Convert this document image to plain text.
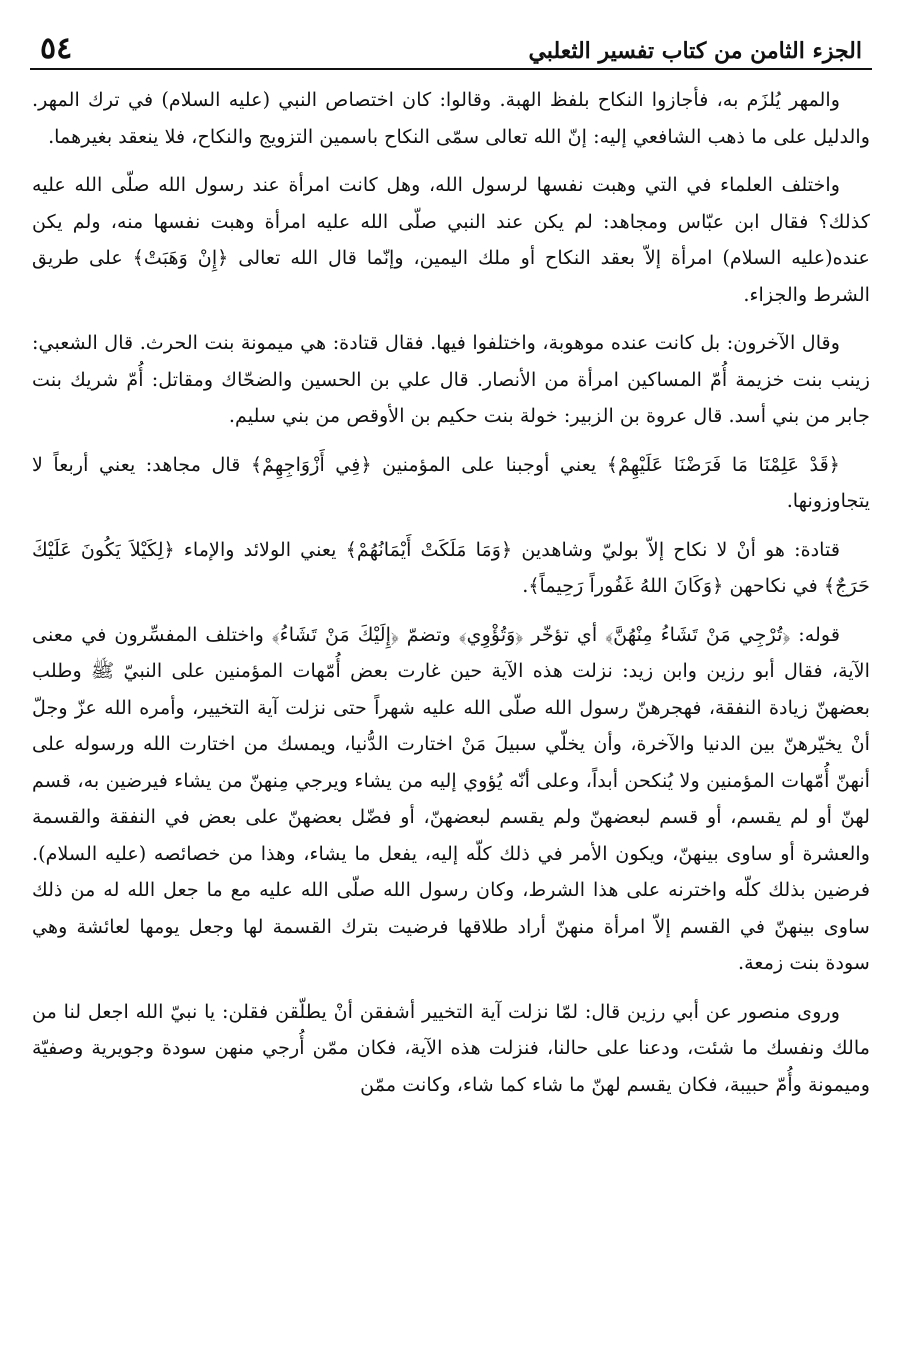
الجزء الثامن من كتاب تفسير الثعلبي
٥٤

والمهر يُلزَم به، فأجازوا النكاح بلفظ الهبة. وقالوا: كان اختصاص النبي (عليه السلام) في ترك المهر. والدليل على ما ذهب الشافعي إليه: إنّ الله تعالى سمّى النكاح باسمين التزويج والنكاح، فلا ينعقد بغيرهما.

واختلف العلماء في التي وهبت نفسها لرسول الله، وهل كانت امرأة عند رسول الله صلّى الله عليه كذلك؟ فقال ابن عبّاس ومجاهد: لم يكن عند النبي صلّى الله عليه امرأة وهبت نفسها منه، ولم يكن عنده(عليه السلام) امرأة إلاّ بعقد النكاح أو ملك اليمين، وإنّما قال الله تعالى ﴿إِنْ وَهَبَتْ﴾ على طريق الشرط والجزاء.

وقال الآخرون: بل كانت عنده موهوبة، واختلفوا فيها. فقال قتادة: هي ميمونة بنت الحرث. قال الشعبي: زينب بنت خزيمة أُمّ المساكين امرأة من الأنصار. قال علي بن الحسين والضحّاك ومقاتل: أُمّ شريك بنت جابر من بني أسد. قال عروة بن الزبير: خولة بنت حكيم بن الأوقص من بني سليم.

﴿قَدْ عَلِمْنَا مَا فَرَضْنَا عَلَيْهِمْ﴾ يعني أوجبنا على المؤمنين ﴿فِي أَزْوَاجِهِمْ﴾ قال مجاهد: يعني أربعاً لا يتجاوزونها.

قتادة: هو أنْ لا نكاح إلاّ بوليّ وشاهدين ﴿وَمَا مَلَكَتْ أَيْمَانُهُمْ﴾ يعني الولائد والإماء ﴿لِكَيْلاَ يَكُونَ عَلَيْكَ حَرَجٌ﴾ في نكاحهن ﴿وَكَانَ اللهُ غَفُوراً رَحِيماً﴾.

قوله: ﴿تُرْجِي مَنْ تَشَاءُ مِنْهُنَّ﴾ أي تؤخّر ﴿وَتُؤْوِي﴾ وتضمّ ﴿إِلَيْكَ مَنْ تَشَاءُ﴾ واختلف المفسِّرون في معنى الآية، فقال أبو رزين وابن زيد: نزلت هذه الآية حين غارت بعض أُمّهات المؤمنين على النبيّ ﷺ وطلب بعضهنّ زيادة النفقة، فهجرهنّ رسول الله صلّى الله عليه شهراً حتى نزلت آية التخيير، وأمره الله عزّ وجلّ أنْ يخيّرهنّ بين الدنيا والآخرة، وأن يخلّي سبيلَ مَنْ اختارت الدُّنيا، ويمسك من اختارت الله ورسوله على أنهنّ أُمّهات المؤمنين ولا يُنكحن أبداً، وعلى أنّه يُؤوي إليه من يشاء ويرجي مِنهنّ من يشاء فيرضين به، قسم لهنّ أو لم يقسم، أو قسم لبعضهنّ ولم يقسم لبعضهنّ، أو فضّل بعضهنّ على بعض في النفقة والقسمة والعشرة أو ساوى بينهنّ، ويكون الأمر في ذلك كلّه إليه، يفعل ما يشاء، وهذا من خصائصه (عليه السلام). فرضين بذلك كلّه واخترنه على هذا الشرط، وكان رسول الله صلّى الله عليه مع ما جعل الله له من ذلك ساوى بينهنّ في القسم إلاّ امرأة منهنّ أراد طلاقها فرضيت بترك القسمة لها وجعل يومها لعائشة وهي سودة بنت زمعة.

وروى منصور عن أبي رزين قال: لمّا نزلت آية التخيير أشفقن أنْ يطلّقن فقلن: يا نبيّ الله اجعل لنا من مالك ونفسك ما شئت، ودعنا على حالنا، فنزلت هذه الآية، فكان ممّن أُرجي منهن سودة وجويرية وصفيّة وميمونة وأُمّ حبيبة، فكان يقسم لهنّ ما شاء كما شاء، وكانت ممّن
